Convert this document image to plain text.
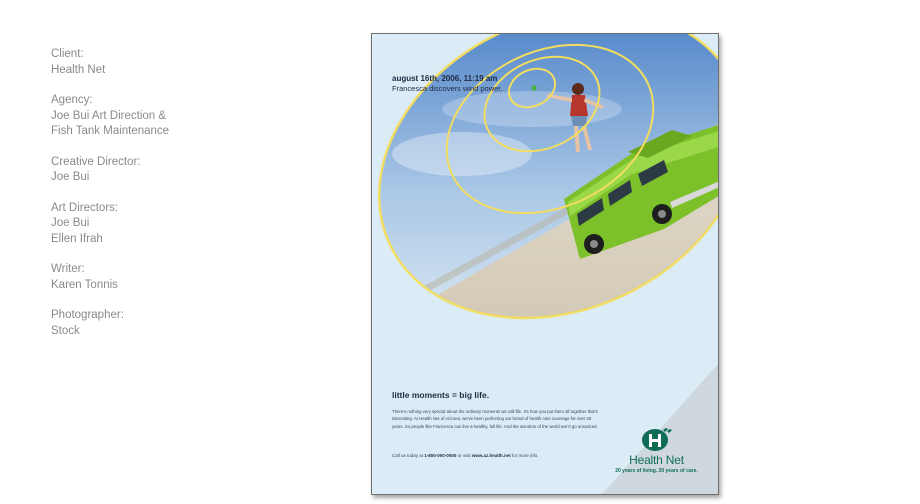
Client:
Health Net
Agency:
Joe Bui Art Direction &
Fish Tank Maintenance
Creative Director:
Joe Bui
Art Directors:
Joe Bui
Ellen Ifrah
Writer:
Karen Tonnis
Photographer:
Stock
august 16th, 2006, 11:19 am
Francesca discovers wind power.
little moments = big life.
There's nothing very special about the ordinary moments we call life. It's how you put them all together that's interesting. At Health Net of Arizona, we've been perfecting our brand of health care coverage for over 20 years. So people like Francesca can live a healthy, full life. And the wonders of the world won't go unnoticed.
Call us today at 1-800-000-0000 or visit www.az.health.net for more info.	Health Net
20 years of living. 20 years of care.
